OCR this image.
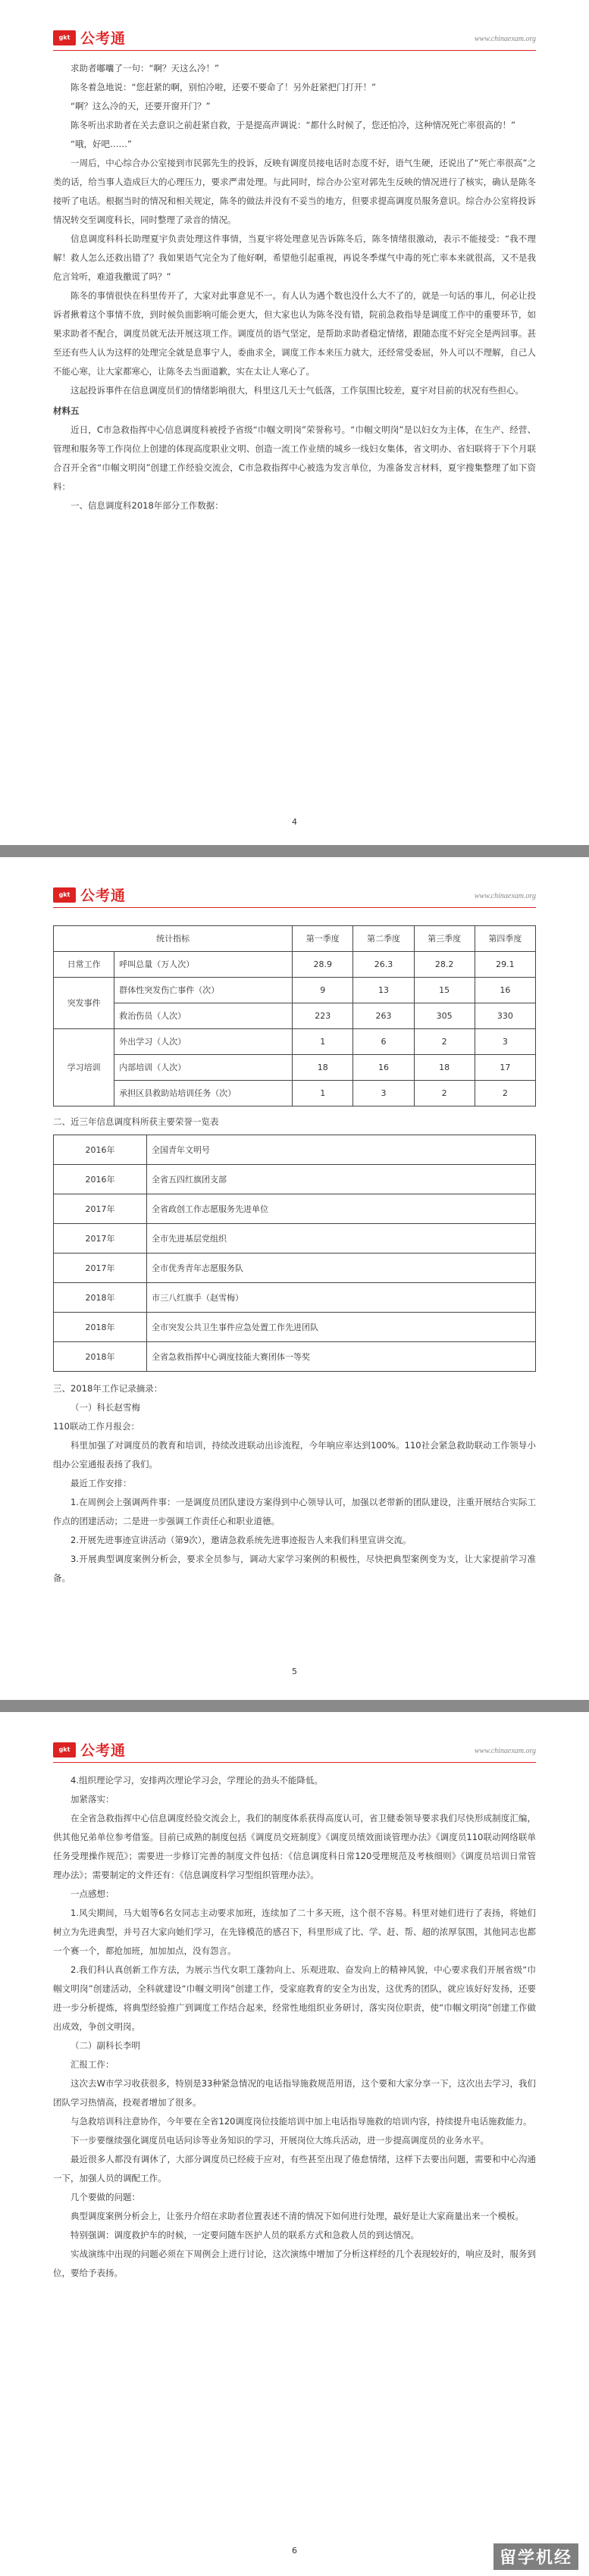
gkt 公考通	www.chinaexam.org

求助者嘟囔了一句：“啊？天这么冷！”

陈冬着急地说：“您赶紧的啊，别怕冷啦，还要不要命了！另外赶紧把门打开！”

“啊？这么冷的天，还要开窗开门？”

陈冬听出求助者在关去意识之前赶紧自救，于是提高声调说：“都什么时候了，您还怕冷，这种情况死亡率很高的！”

“哦，好吧……”

一周后，中心综合办公室接到市民郭先生的投诉，反映有调度员接电话时态度不好，语气生硬，还说出了“死亡率很高”之类的话，给当事人造成巨大的心理压力，要求严肃处理。与此同时，综合办公室对郭先生反映的情况进行了核实，确认是陈冬接听了电话。根据当时的情况和相关规定，陈冬的做法并没有不妥当的地方，但要求提高调度员服务意识。综合办公室将投诉情况转交至调度科长，同时整理了录音的情况。

信息调度科科长助理夏宇负责处理这件事情，当夏宇将处理意见告诉陈冬后，陈冬情绪很激动，表示不能接受：“我不理解！救人怎么还救出错了？我如果语气完全为了他好啊，希望他引起重视，再说冬季煤气中毒的死亡率本来就很高，又不是我危言耸听，难道我撒谎了吗？”

陈冬的事情很快在科里传开了，大家对此事意见不一。有人认为遇个数也没什么大不了的，就是一句话的事儿，何必让投诉者揪着这个事情不放，到时候负面影响可能会更大，但大家也认为陈冬没有错，院前急救指导是调度工作中的重要环节，如果求助者不配合，调度员就无法开展这项工作。调度员的语气坚定，是帮助求助者稳定情绪，跟随态度不好完全是两回事。甚至还有些人认为这样的处理完全就是息事宁人，委曲求全，调度工作本来压力就大，还经常受委屈，外人可以不理解，自己人不能心寒，让大家都寒心，让陈冬去当面道歉，实在太让人寒心了。

这起投诉事件在信息调度员们的情绪影响很大，科里这几天士气低落，工作氛围比较差，夏宇对目前的状况有些担心。

材料五

近日，C市急救指挥中心信息调度科被授予省级“巾帼文明岗”荣誉称号。“巾帼文明岗”是以妇女为主体，在生产、经营、管理和服务等工作岗位上创建的体现高度职业文明、创造一流工作业绩的城乡一线妇女集体，省文明办、省妇联将于下个月联合召开全省“巾帼文明岗”创建工作经验交流会，C市急救指挥中心被选为发言单位，为准备发言材料，夏宇搜集整理了如下资料：

一、信息调度科2018年部分工作数据：

4
gkt 公考通	www.chinaexam.org
统计指标		第一季度	第二季度	第三季度	第四季度
日常工作	呼叫总量（万人次）	28.9	26.3	28.2	29.1
突发事件	群体性突发伤亡事件（次）	9	13	15	16
	救治伤员（人次）	223	263	305	330
学习培训	外出学习（人次）	1	6	2	3
	内部培训（人次）	18	16	18	17
	承担区县救助站培训任务（次）	1	3	2	2

二、近三年信息调度科所获主要荣誉一览表

2016年	全国青年文明号
2016年	全省五四红旗团支部
2017年	全省政创工作志愿服务先进单位
2017年	全市先进基层党组织
2017年	全市优秀青年志愿服务队
2018年	市三八红旗手（赵雪梅）
2018年	全市突发公共卫生事件应急处置工作先进团队
2018年	全省急救指挥中心调度技能大赛团体一等奖

三、2018年工作记录摘录：

（一）科长赵雪梅

110联动工作月报会：

科里加强了对调度员的教育和培训，持续改进联动出诊流程，今年响应率达到100%。110社会紧急救助联动工作领导小组办公室通报表扬了我们。

最近工作安排：

1.在周例会上强调两件事：一是调度员团队建设方案得到中心领导认可，加强以老带新的团队建设，注重开展结合实际工作点的团建活动；二是进一步强调工作责任心和职业道德。

2.开展先进事迹宣讲活动（第9次），邀请急救系统先进事迹报告人来我们科里宣讲交流。

3.开展典型调度案例分析会，要求全员参与，调动大家学习案例的积极性，尽快把典型案例变为支，让大家提前学习准备。

5
gkt 公考通	www.chinaexam.org

4.组织理论学习，安排两次理论学习会，学理论的劲头不能降低。

加紧落实：

在全省急救指挥中心信息调度经验交流会上，我们的制度体系获得高度认可，省卫健委领导要求我们尽快形成制度汇编，供其他兄弟单位参考借鉴。目前已成熟的制度包括《调度员交班制度》《调度员绩效面谈管理办法》《调度员110联动网络联单任务受理操作规范》；需要进一步修订完善的制度文件包括：《信息调度科日常120受理规范及考核细则》《调度员培训日常管理办法》；需要制定的文件还有：《信息调度科学习型组织管理办法》。

一点感想：

1.风尖期间，马大姐等6名女同志主动要求加班，连续加了二十多天班，这个很不容易。科里对她们进行了表扬，将她们树立为先进典型，并号召大家向她们学习，在先锋模范的感召下，科里形成了比、学、赶、帮、超的浓厚氛围，其他同志也都一个赛一个，都抢加班，加加加点，没有怨言。

2.我们科认真创新工作方法，为展示当代女职工蓬勃向上、乐观进取、奋发向上的精神风貌，中心要求我们开展省级“巾帼文明岗”创建活动，全科就建设“巾帼文明岗”创建工作，受家庭教育的安全为出发，这优秀的团队，就应该好好发扬，还要进一步分析提炼，将典型经验推广到调度工作结合起来，经常性地组织业务研讨，落实岗位职责，使“巾帼文明岗”创建工作做出成效，争创文明岗。

（二）副科长李明

汇报工作：

这次去W市学习收获很多，特别是33种紧急情况的电话指导施救规范用语，这个要和大家分享一下，这次出去学习，我们团队学习热情高，投观者增加了很多。

与急救培训科注意协作，今年要在全省120调度岗位技能培训中加上电话指导施救的培训内容，持续提升电话施救能力。

下一步要继续强化调度员电话问诊等业务知识的学习，开展岗位大练兵活动，进一步提高调度员的业务水平。

最近很多人都没有调休了，大部分调度员已经疲于应对，有些甚至出现了倦怠情绪，这样下去要出问题，需要和中心沟通一下，加强人员的调配工作。

几个要做的问题：

典型调度案例分析会上，让张丹介绍在求助者位置表述不清的情况下如何进行处理，最好是让大家商量出来一个模板。

特别强调：调度救护车的时候，一定要问随车医护人员的联系方式和急救人员的到达情况。

实战演练中出现的问题必须在下周例会上进行讨论，这次演练中增加了分析这样经的几个表现较好的，响应及时，服务到位，要给予表扬。

6	留学机经
